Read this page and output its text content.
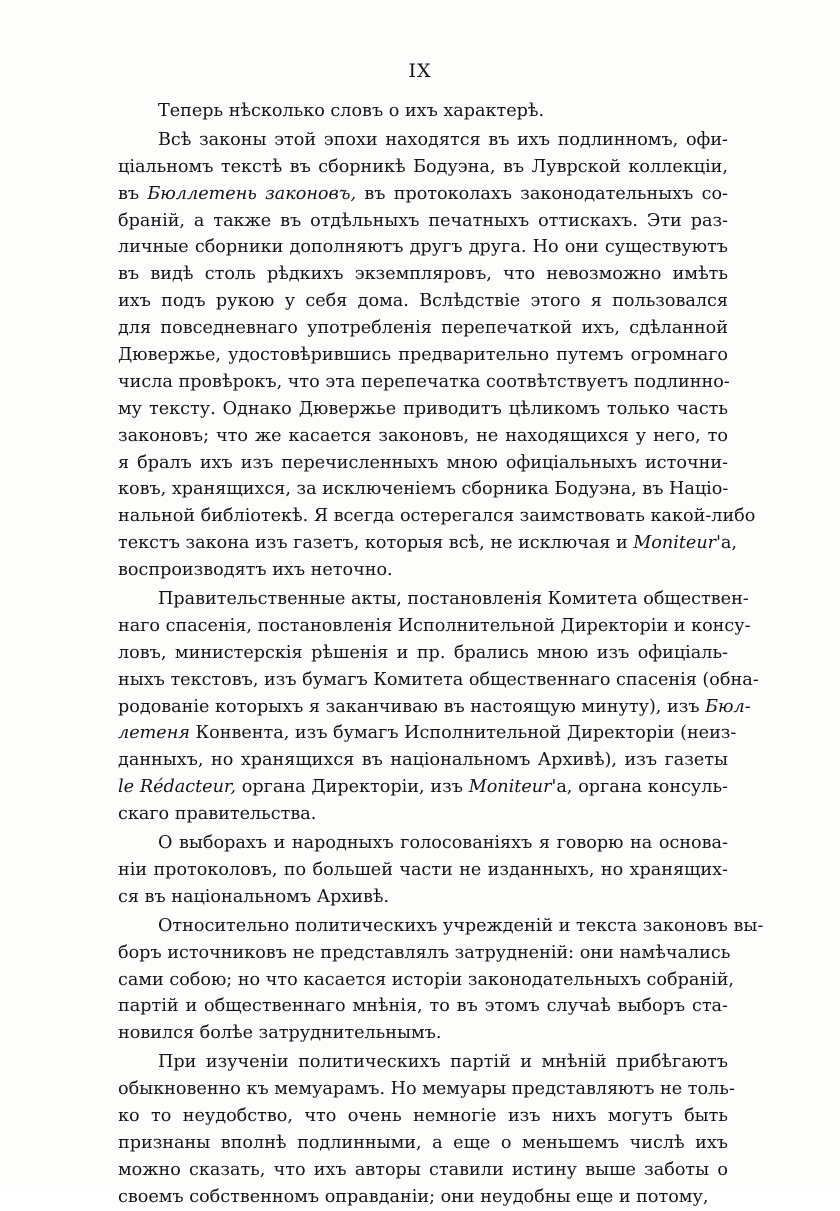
IX
Теперь нѣсколько словъ о ихъ характерѣ.
Всѣ законы этой эпохи находятся въ ихъ подлинномъ, офи-
ціальномъ текстѣ въ сборникѣ Бодуэна, въ Луврской коллекціи,
въ Бюллетень законовъ, въ протоколахъ законодательныхъ со-
браній, а также въ отдѣльныхъ печатныхъ оттискахъ. Эти раз-
личные сборники дополняютъ другъ друга. Но они существуютъ
въ видѣ столь рѣдкихъ экземпляровъ, что невозможно имѣть
ихъ подъ рукою у себя дома. Вслѣдствіе этого я пользовался
для повседневнаго употребленія перепечаткой ихъ, сдѣланной
Дювержье, удостовѣрившись предварительно путемъ огромнаго
числа провѣрокъ, что эта перепечатка соотвѣтствуетъ подлинно-
му тексту. Однако Дювержье приводитъ цѣликомъ только часть
законовъ; что же касается законовъ, не находящихся у него, то
я бралъ ихъ изъ перечисленныхъ мною офиціальныхъ источни-
ковъ, хранящихся, за исключеніемъ сборника Бодуэна, въ Націо-
нальной библіотекѣ. Я всегда остерегался заимствовать какой-либо
текстъ закона изъ газетъ, которыя всѣ, не исключая и Moniteur'a,
воспроизводятъ ихъ неточно.
Правительственные акты, постановленія Комитета обществен-
наго спасенія, постановленія Исполнительной Директоріи и консу-
ловъ, министерскія рѣшенія и пр. брались мною изъ офиціаль-
ныхъ текстовъ, изъ бумагъ Комитета общественнаго спасенія (обна-
родованіе которыхъ я заканчиваю въ настоящую минуту), изъ Бюл-
летеня Конвента, изъ бумагъ Исполнительной Директоріи (неиз-
данныхъ, но хранящихся въ національномъ Архивѣ), изъ газеты
le Rédacteur, органа Директоріи, изъ Moniteur'a, органа консуль-
скаго правительства.
О выборахъ и народныхъ голосованіяхъ я говорю на основа-
ніи протоколовъ, по большей части не изданныхъ, но хранящих-
ся въ національномъ Архивѣ.
Относительно политическихъ учрежденій и текста законовъ вы-
боръ источниковъ не представлялъ затрудненій: они намѣчались
сами собою; но что касается исторіи законодательныхъ собраній,
партій и общественнаго мнѣнія, то въ этомъ случаѣ выборъ ста-
новился болѣе затруднительнымъ.
При изученіи политическихъ партій и мнѣній прибѣгаютъ
обыкновенно къ мемуарамъ. Но мемуары представляютъ не толь-
ко то неудобство, что очень немногіе изъ нихъ могутъ быть
признаны вполнѣ подлинными, а еще о меньшемъ числѣ ихъ
можно сказать, что ихъ авторы ставили истину выше заботы о
своемъ собственномъ оправданіи; они неудобны еще и потому,
